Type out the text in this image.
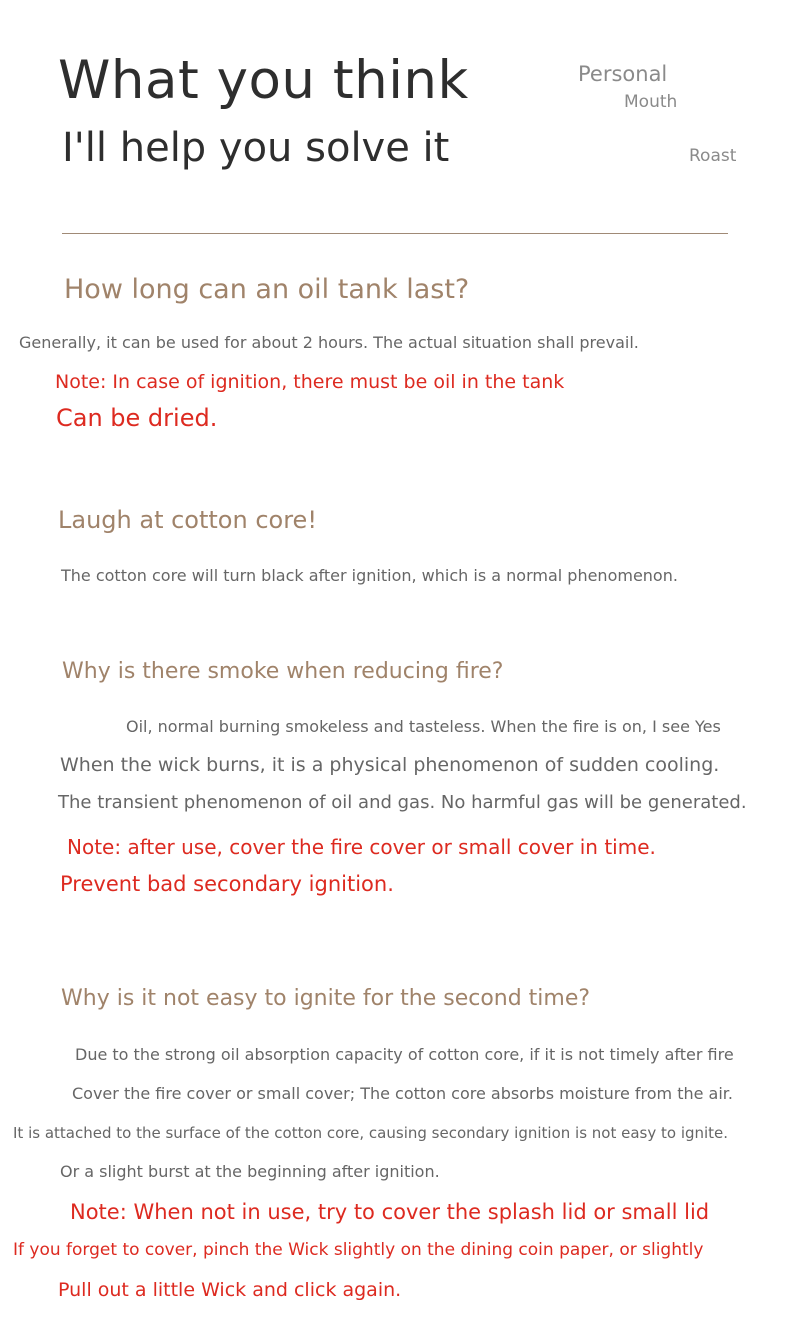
What you think
I'll help you solve it
Personal
Mouth
Roast
How long can an oil tank last?
Generally, it can be used for about 2 hours. The actual situation shall prevail.
Note: In case of ignition, there must be oil in the tank
Can be dried.
Laugh at cotton core!
The cotton core will turn black after ignition, which is a normal phenomenon.
Why is there smoke when reducing fire?
Oil, normal burning smokeless and tasteless. When the fire is on, I see Yes
When the wick burns, it is a physical phenomenon of sudden cooling.
The transient phenomenon of oil and gas. No harmful gas will be generated.
Note: after use, cover the fire cover or small cover in time.
Prevent bad secondary ignition.
Why is it not easy to ignite for the second time?
Due to the strong oil absorption capacity of cotton core, if it is not timely after fire
Cover the fire cover or small cover; The cotton core absorbs moisture from the air.
It is attached to the surface of the cotton core, causing secondary ignition is not easy to ignite.
Or a slight burst at the beginning after ignition.
Note: When not in use, try to cover the splash lid or small lid
If you forget to cover, pinch the Wick slightly on the dining coin paper, or slightly
Pull out a little Wick and click again.
